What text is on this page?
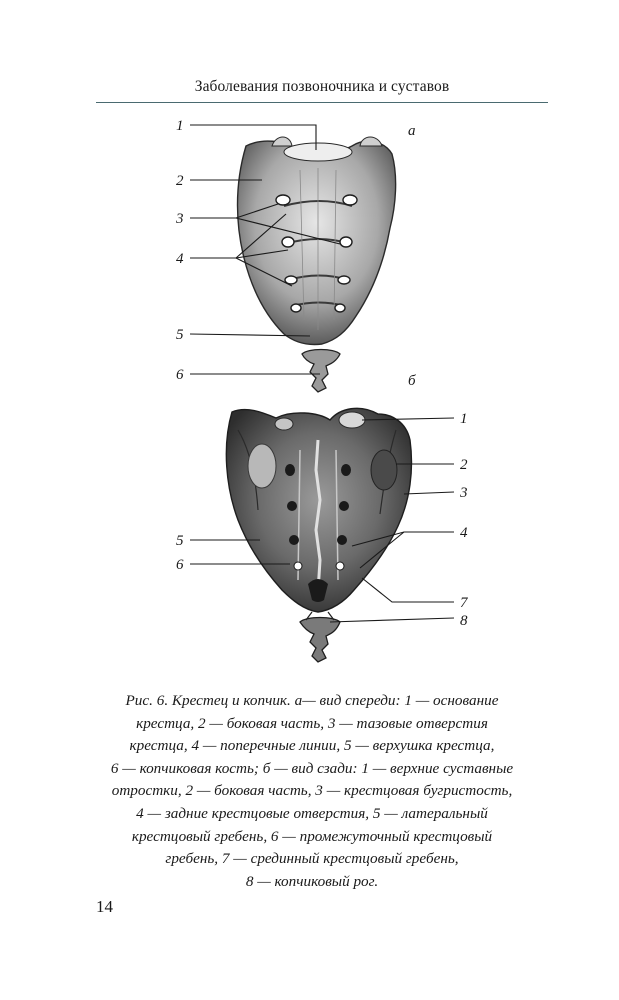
Заболевания позвоночника и суставов
а
1
2
3
4
5
6	б
1
2
3
4
5
6
7
8
Рис. 6. Крестец и копчик. а— вид спереди: 1 — основание
крестца, 2 — боковая часть, 3 — тазовые отверстия
крестца, 4 — поперечные линии, 5 — верхушка крестца,
6 — копчиковая кость; б — вид сзади: 1 — верхние суставные
отростки, 2 — боковая часть, 3 — крестцовая бугристость,
4 — задние крестцовые отверстия, 5 — латеральный
крестцовый гребень, 6 — промежуточный крестцовый
гребень, 7 — срединный крестцовый гребень,
8 — копчиковый рог.
14
